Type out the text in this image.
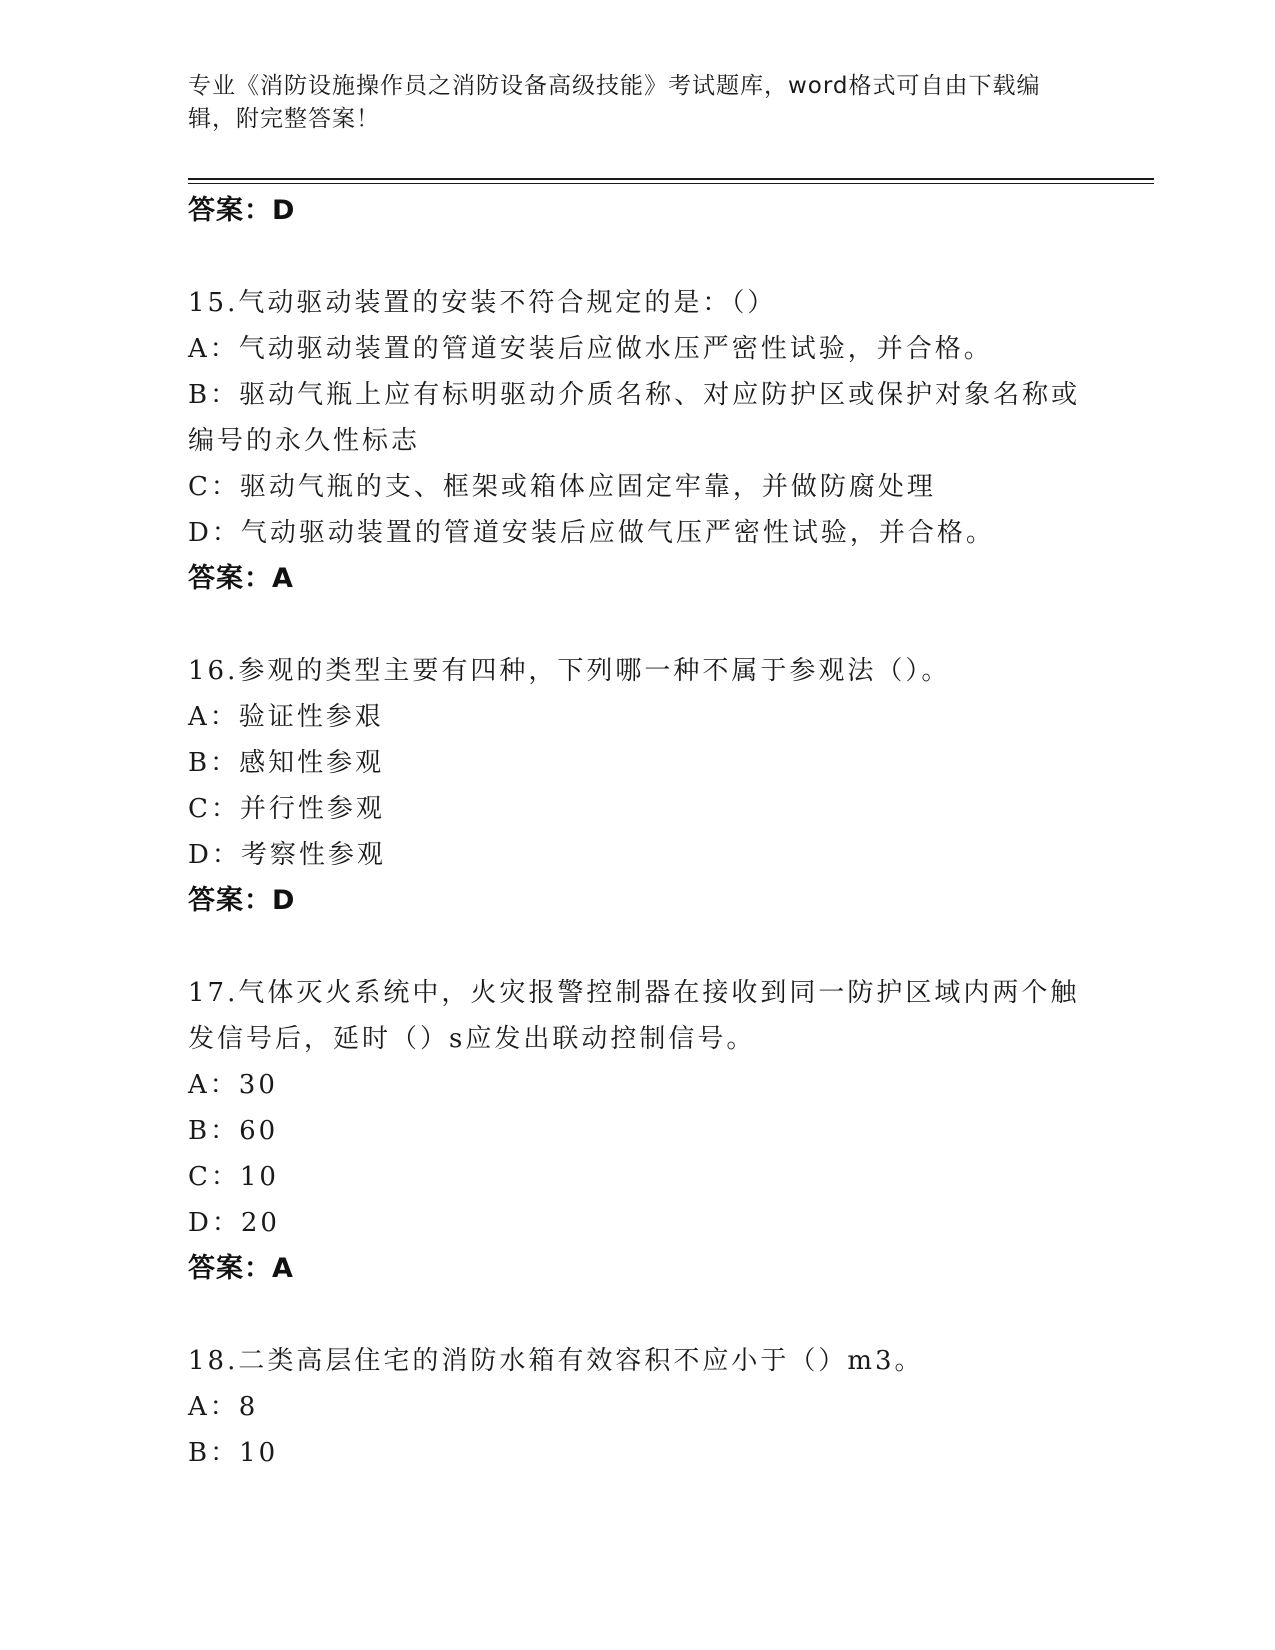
专业《消防设施操作员之消防设备高级技能》考试题库，word格式可自由下载编
辑，附完整答案！
答案：D
15.气动驱动装置的安装不符合规定的是：（）
A：气动驱动装置的管道安装后应做水压严密性试验，并合格。
B：驱动气瓶上应有标明驱动介质名称、对应防护区或保护对象名称或
编号的永久性标志
C：驱动气瓶的支、框架或箱体应固定牢靠，并做防腐处理
D：气动驱动装置的管道安装后应做气压严密性试验，并合格。
答案：A
16.参观的类型主要有四种，下列哪一种不属于参观法（）。
A：验证性参艰
B：感知性参观
C：并行性参观
D：考察性参观
答案：D
17.气体灭火系统中，火灾报警控制器在接收到同一防护区域内两个触
发信号后，延时（）s应发出联动控制信号。
A：30
B：60
C：10
D：20
答案：A
18.二类高层住宅的消防水箱有效容积不应小于（）m3。
A：8
B：10
